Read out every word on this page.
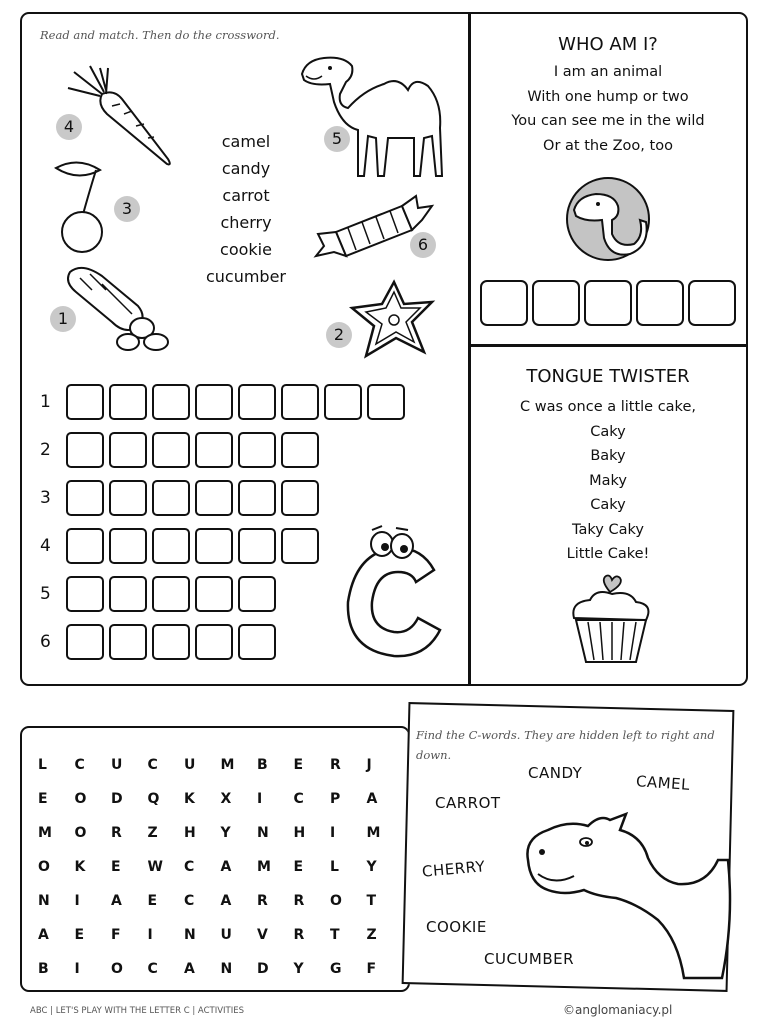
Read and match. Then do the crossword.
4
3
1
5
6
2
camel
candy
carrot
cherry
cookie
cucumber
1
2
3
4
5
6
WHO AM I?
I am an animal
With one hump or two
You can see me in the wild
Or at the Zoo, too
TONGUE TWISTER
C was once a little cake,
Caky
Baky
Maky
Caky
Taky Caky
Little Cake!
L	C	U	C	U	M	B	E	R	J
E	O	D	Q	K	X	I	C	P	A
M	O	R	Z	H	Y	N	H	I	M
O	K	E	W	C	A	M	E	L	Y
N	I	A	E	C	A	R	R	O	T
A	E	F	I	N	U	V	R	T	Z
B	I	O	C	A	N	D	Y	G	F
Find the C-words. They are hidden left to right and down.
CANDY	CAMEL
CARROT
CHERRY
COOKIE
CUCUMBER
ABC | LET'S PLAY WITH THE LETTER C | ACTIVITIES	©anglomaniacy.pl
